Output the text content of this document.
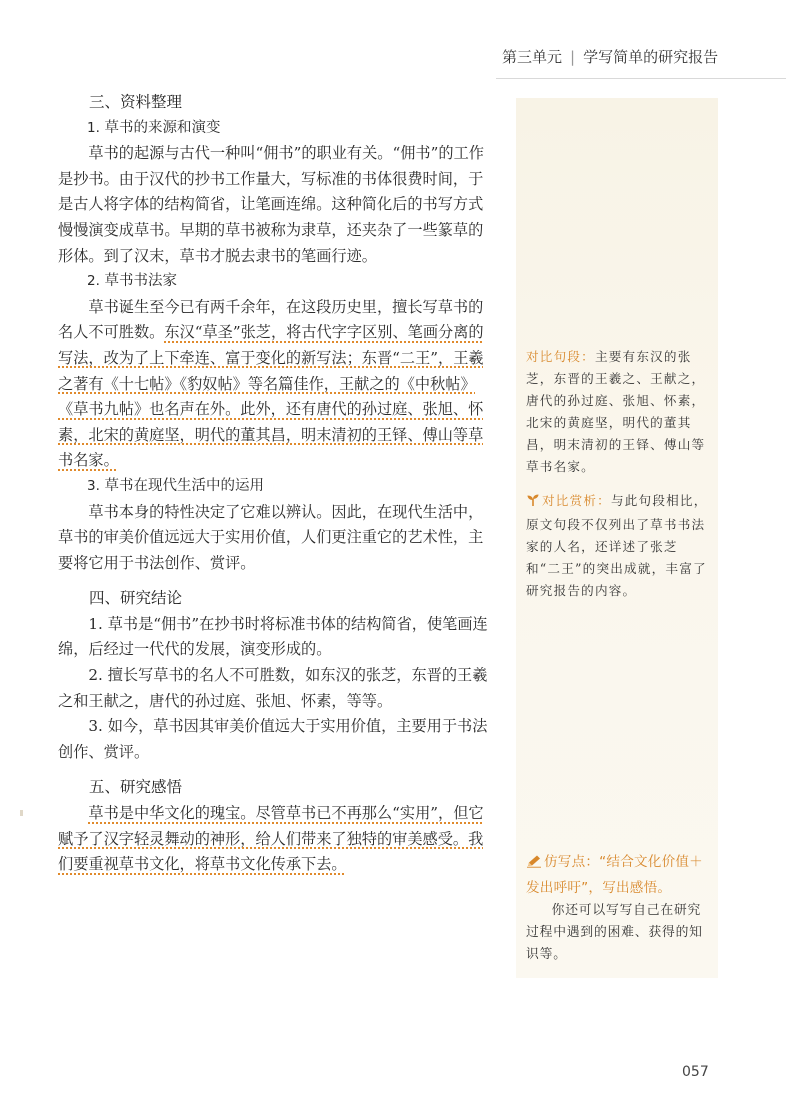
第三单元 | 学写简单的研究报告

三、资料整理

1. 草书的来源和演变

草书的起源与古代一种叫“佣书”的职业有关。“佣书”的工作是抄书。由于汉代的抄书工作量大，写标准的书体很费时间，于是古人将字体的结构简省，让笔画连绵。这种简化后的书写方式慢慢演变成草书。早期的草书被称为隶草，还夹杂了一些篆草的形体。到了汉末，草书才脱去隶书的笔画行迹。

2. 草书书法家

草书诞生至今已有两千余年，在这段历史里，擅长写草书的名人不可胜数。东汉“草圣”张芝，将古代字字区别、笔画分离的写法，改为了上下牵连、富于变化的新写法；东晋“二王”，王羲之著有《十七帖》《豹奴帖》等名篇佳作，王献之的《中秋帖》《草书九帖》也名声在外。此外，还有唐代的孙过庭、张旭、怀素，北宋的黄庭坚，明代的董其昌，明末清初的王铎、傅山等草书名家。

3. 草书在现代生活中的运用

草书本身的特性决定了它难以辨认。因此，在现代生活中，草书的审美价值远远大于实用价值，人们更注重它的艺术性，主要将它用于书法创作、赏评。

四、研究结论

1. 草书是“佣书”在抄书时将标准书体的结构简省，使笔画连绵，后经过一代代的发展，演变形成的。

2. 擅长写草书的名人不可胜数，如东汉的张芝，东晋的王羲之和王献之，唐代的孙过庭、张旭、怀素，等等。

3. 如今，草书因其审美价值远大于实用价值，主要用于书法创作、赏评。

五、研究感悟

草书是中华文化的瑰宝。尽管草书已不再那么“实用”，但它赋予了汉字轻灵舞动的神形，给人们带来了独特的审美感受。我们要重视草书文化，将草书文化传承下去。

对比句段：主要有东汉的张芝，东晋的王羲之、王献之，唐代的孙过庭、张旭、怀素，北宋的黄庭坚，明代的董其昌，明末清初的王铎、傅山等草书名家。

对比赏析：与此句段相比，原文句段不仅列出了草书书法家的人名，还详述了张芝和“二王”的突出成就，丰富了研究报告的内容。

仿写点：“结合文化价值＋发出呼吁”，写出感悟。

你还可以写写自己在研究过程中遇到的困难、获得的知识等。

057
